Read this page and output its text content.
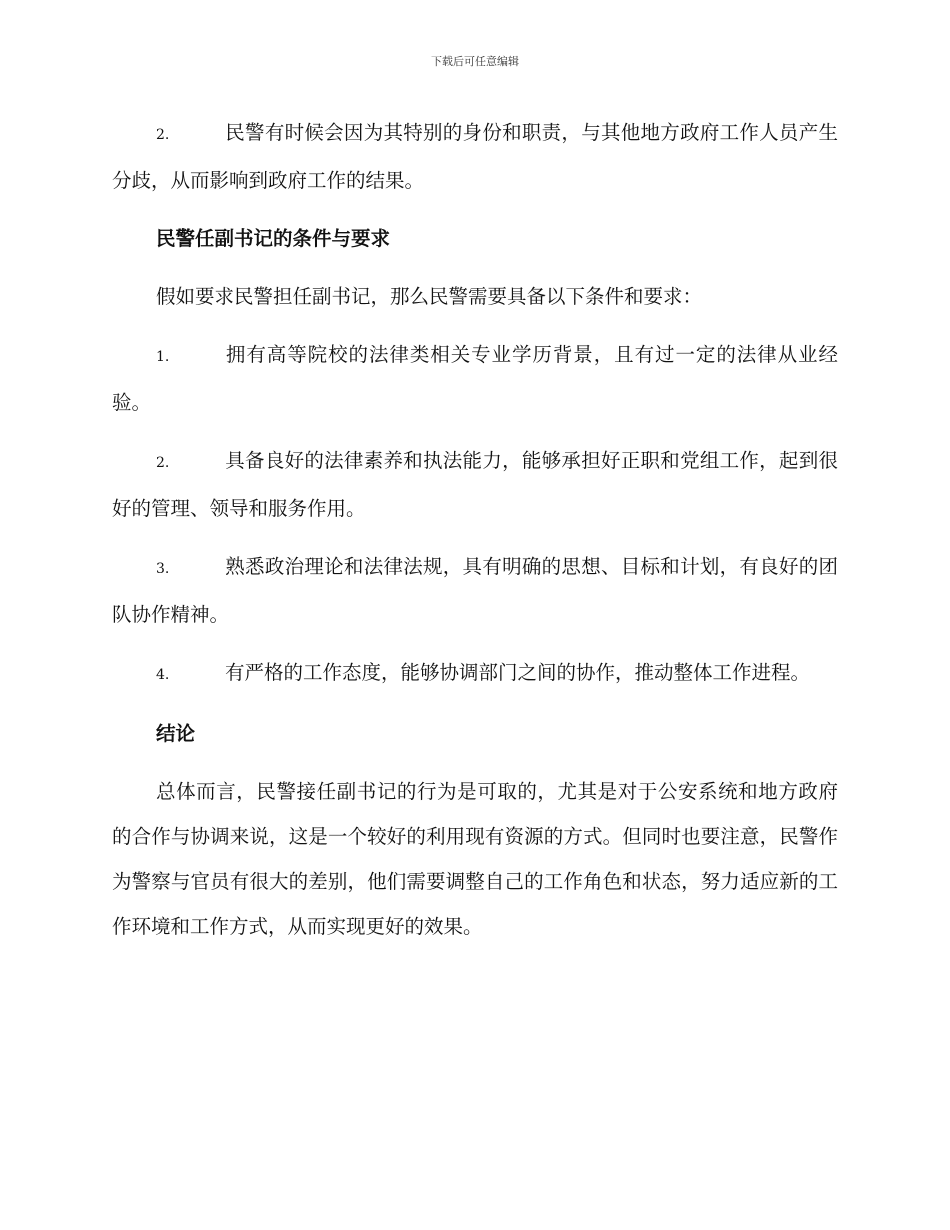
下载后可任意编辑

2.	民警有时候会因为其特别的身份和职责，与其他地方政府工作人员产生分歧，从而影响到政府工作的结果。

民警任副书记的条件与要求

假如要求民警担任副书记，那么民警需要具备以下条件和要求：

1.	拥有高等院校的法律类相关专业学历背景，且有过一定的法律从业经验。

2.	具备良好的法律素养和执法能力，能够承担好正职和党组工作，起到很好的管理、领导和服务作用。

3.	熟悉政治理论和法律法规，具有明确的思想、目标和计划，有良好的团队协作精神。

4.	有严格的工作态度，能够协调部门之间的协作，推动整体工作进程。

结论

总体而言，民警接任副书记的行为是可取的，尤其是对于公安系统和地方政府的合作与协调来说，这是一个较好的利用现有资源的方式。但同时也要注意，民警作为警察与官员有很大的差别，他们需要调整自己的工作角色和状态，努力适应新的工作环境和工作方式，从而实现更好的效果。
